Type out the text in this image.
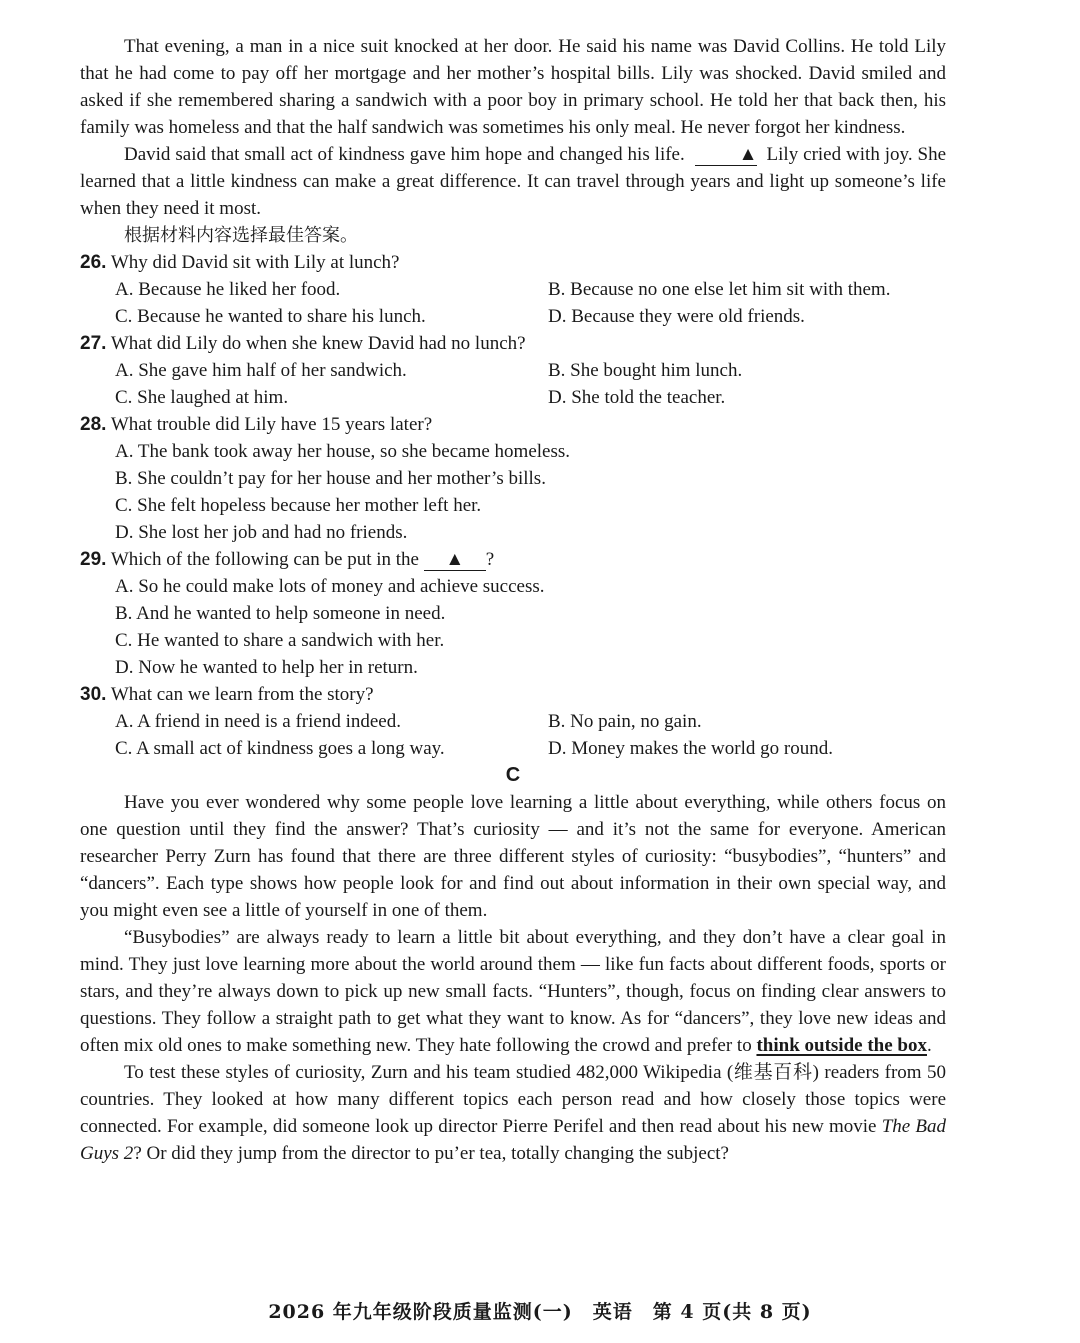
That evening, a man in a nice suit knocked at her door. He said his name was David Collins. He told Lily that he had come to pay off her mortgage and her mother’s hospital bills. Lily was shocked. David smiled and asked if she remembered sharing a sandwich with a poor boy in primary school. He told her that back then, his family was homeless and that the half sandwich was sometimes his only meal. He never forgot her kindness.

David said that small act of kindness gave him hope and changed his life.	▲ Lily cried with joy. She learned that a little kindness can make a great difference. It can travel through years and light up someone’s life when they need it most.

根据材料内容选择最佳答案。
26. Why did David sit with Lily at lunch?
A. Because he liked her food.	B. Because no one else let him sit with them.
C. Because he wanted to share his lunch.	D. Because they were old friends.
27. What did Lily do when she knew David had no lunch?
A. She gave him half of her sandwich.	B. She bought him lunch.
C. She laughed at him.	D. She told the teacher.
28. What trouble did Lily have 15 years later?
A. The bank took away her house, so she became homeless.
B. She couldn’t pay for her house and her mother’s bills.
C. She felt hopeless because her mother left her.
D. She lost her job and had no friends.
29. Which of the following can be put in the ▲ ?
A. So he could make lots of money and achieve success.
B. And he wanted to help someone in need.
C. He wanted to share a sandwich with her.
D. Now he wanted to help her in return.
30. What can we learn from the story?
A. A friend in need is a friend indeed.	B. No pain, no gain.
C. A small act of kindness goes a long way.	D. Money makes the world go round.
C

Have you ever wondered why some people love learning a little about everything, while others focus on one question until they find the answer? That’s curiosity — and it’s not the same for everyone. American researcher Perry Zurn has found that there are three different styles of curiosity: “busybodies”, “hunters” and “dancers”. Each type shows how people look for and find out about information in their own special way, and you might even see a little of yourself in one of them.

“Busybodies” are always ready to learn a little bit about everything, and they don’t have a clear goal in mind. They just love learning more about the world around them — like fun facts about different foods, sports or stars, and they’re always down to pick up new small facts. “Hunters”, though, focus on finding clear answers to questions. They follow a straight path to get what they want to know. As for “dancers”, they love new ideas and often mix old ones to make something new. They hate following the crowd and prefer to think outside the box.

To test these styles of curiosity, Zurn and his team studied 482,000 Wikipedia (维基百科) readers from 50 countries. They looked at how many different topics each person read and how closely those topics were connected. For example, did someone look up director Pierre Perifel and then read about his new movie The Bad Guys 2? Or did they jump from the director to pu’er tea, totally changing the subject?

2026 年九年级阶段质量监测(一)　英语　第 4 页(共 8 页)
